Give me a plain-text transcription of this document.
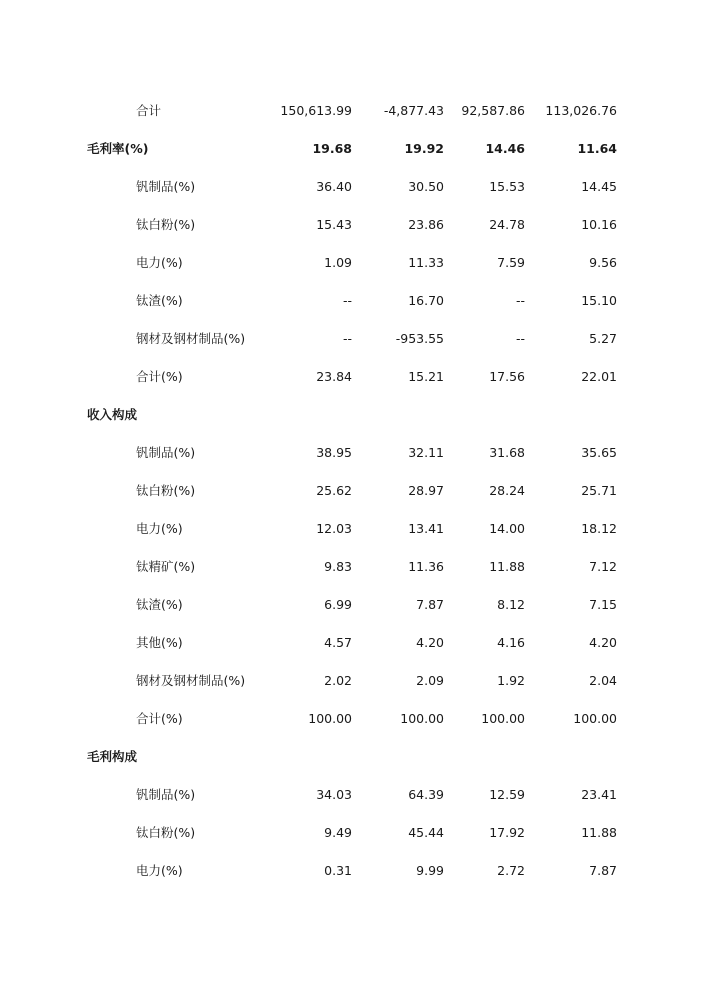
合计	150,613.99	-4,877.43	92,587.86	113,026.76
毛利率(%)	19.68	19.92	14.46	11.64
钒制品(%)	36.40	30.50	15.53	14.45
钛白粉(%)	15.43	23.86	24.78	10.16
电力(%)	1.09	11.33	7.59	9.56
钛渣(%)	--	16.70	--	15.10
钢材及钢材制品(%)	--	-953.55	--	5.27
合计(%)	23.84	15.21	17.56	22.01
收入构成
钒制品(%)	38.95	32.11	31.68	35.65
钛白粉(%)	25.62	28.97	28.24	25.71
电力(%)	12.03	13.41	14.00	18.12
钛精矿(%)	9.83	11.36	11.88	7.12
钛渣(%)	6.99	7.87	8.12	7.15
其他(%)	4.57	4.20	4.16	4.20
钢材及钢材制品(%)	2.02	2.09	1.92	2.04
合计(%)	100.00	100.00	100.00	100.00
毛利构成
钒制品(%)	34.03	64.39	12.59	23.41
钛白粉(%)	9.49	45.44	17.92	11.88
电力(%)	0.31	9.99	2.72	7.87
